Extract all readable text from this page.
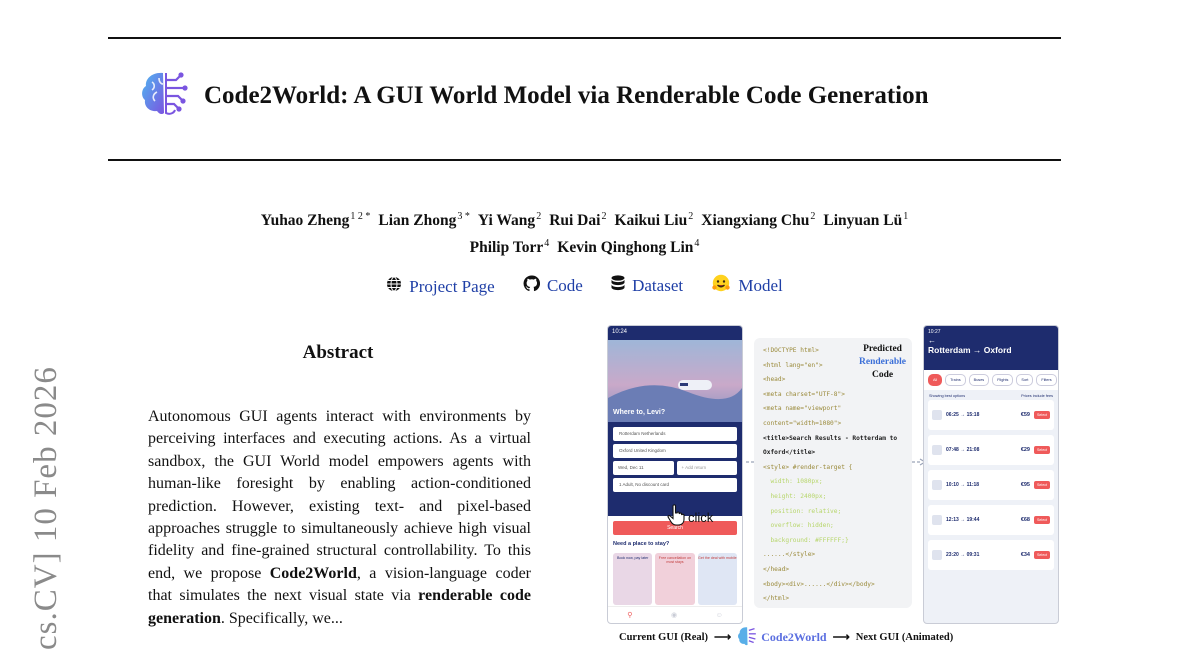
Code2World: A GUI World Model via Renderable Code Generation
Yuhao Zheng$^{1 2 *}$ Lian Zhong$^{3 *}$ Yi Wang$^2$ Rui Dai$^2$ Kaikui Liu$^2$ Xiangxiang Chu$^2$ Linyuan $Lü^1$
Philip Torr$^4$ Kevin Qinghong Lin$^4$
Project Page
	Code
	Dataset
	Model
cs.CV] 10 Feb 2026
Abstract
Autonomous GUI agents interact with environments by perceiving interfaces and executing actions. As a virtual sandbox, the GUI World model empowers agents with human-like foresight by enabling action-conditioned prediction. However, existing text- and pixel-based approaches struggle to simultaneously achieve high visual fidelity and fine-grained structural controllability. To this end, we propose Code2World, a vision-language coder that simulates the next visual state via renderable code generation. Specifically, we...
10:24
Where to, Levi?
Rotterdam Netherlands
Oxford United Kingdom
Wed, Dec 11	+ Add return
1 Adult, No discount card
Search
Need a place to stay?
Book now, pay later	Free cancellation on most stays
Get the deal with mobile
⚲	◉	☺
click
<!DOCTYPE html>
<html lang="en">
<head>
<meta charset="UTF-8">
<meta name="viewport"
content="width=1080">
<title>Search Results - Rotterdam to
Oxford</title>
<style> #render-target {
width: 1080px;
height: 2400px;
position: relative;
overflow: hidden;
background: #FFFFFF;}
......</style>
</head>
<body><div>......</div></body>
</html>
Predicted
Renderable
Code
10:27
←
Rotterdam → Oxford
All	Trains	Buses	Flights	Sort	Filters
Showing best options	Prices include fees
06:25 → 15:18	€59	Select
07:48 → 21:08	€29	Select
10:10 → 11:18	€95	Select
12:13 → 19:44	€68	Select
23:20 → 09:31	€34	Select
Current GUI (Real) ⟶	Code2World ⟶ Next GUI (Animated)
